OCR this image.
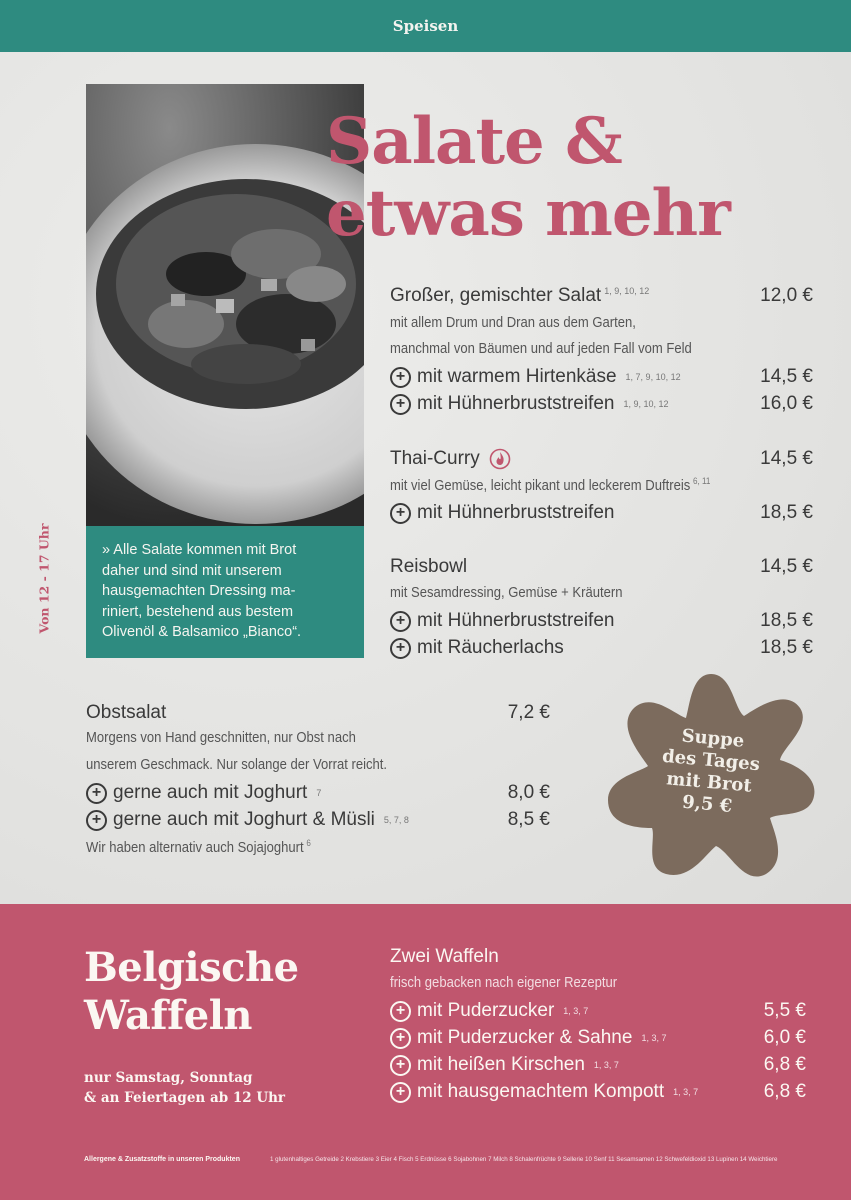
Speisen
» Alle Salate kommen mit Brot
daher und sind mit unserem
hausgemachten Dressing ma-
riniert, bestehend aus bestem
Olivenöl & Balsamico „Bianco“.
Von 12 - 17 Uhr
Salate &
etwas mehr
Großer, gemischter Salat $^{1, 9, 10, 12}$	12,0 €
mit allem Drum und Dran aus dem Garten,
manchmal von Bäumen und auf jeden Fall vom Feld
+ mit warmem Hirtenkäse 1, 7, 9, 10, 12	14,5 €
+ mit Hühnerbruststreifen 1, 9, 10, 12	16,0 €
Thai-Curry	14,5 €
mit viel Gemüse, leicht pikant und leckerem Duftreis $^{6, 11}$
+ mit Hühnerbruststreifen	18,5 €
Reisbowl	14,5 €
mit Sesamdressing, Gemüse + Kräutern
+ mit Hühnerbruststreifen	18,5 €
+ mit Räucherlachs	18,5 €
Obstsalat	7,2 €
Morgens von Hand geschnitten, nur Obst nach
unserem Geschmack. Nur solange der Vorrat reicht.
+ gerne auch mit Joghurt 7	8,0 €
+ gerne auch mit Joghurt & Müsli 5, 7, 8	8,5 €
Wir haben alternativ auch Sojajoghurt $^6$
Suppe
des Tages
mit Brot
9,5 €
Belgische
Waffeln
nur Samstag, Sonntag
& an Feiertagen ab 12 Uhr
Zwei Waffeln
frisch gebacken nach eigener Rezeptur
+ mit Puderzucker 1, 3, 7	5,5 €
+ mit Puderzucker & Sahne 1, 3, 7	6,0 €
+ mit heißen Kirschen 1, 3, 7	6,8 €
+ mit hausgemachtem Kompott 1, 3, 7	6,8 €
Allergene & Zusatzstoffe in unseren Produkten	1 glutenhaltiges Getreide 2 Krebstiere 3 Eier 4 Fisch 5 Erdnüsse 6 Sojabohnen 7 Milch 8 Schalenfrüchte 9 Sellerie 10 Senf 11 Sesamsamen 12 Schwefeldioxid 13 Lupinen 14 Weichtiere
